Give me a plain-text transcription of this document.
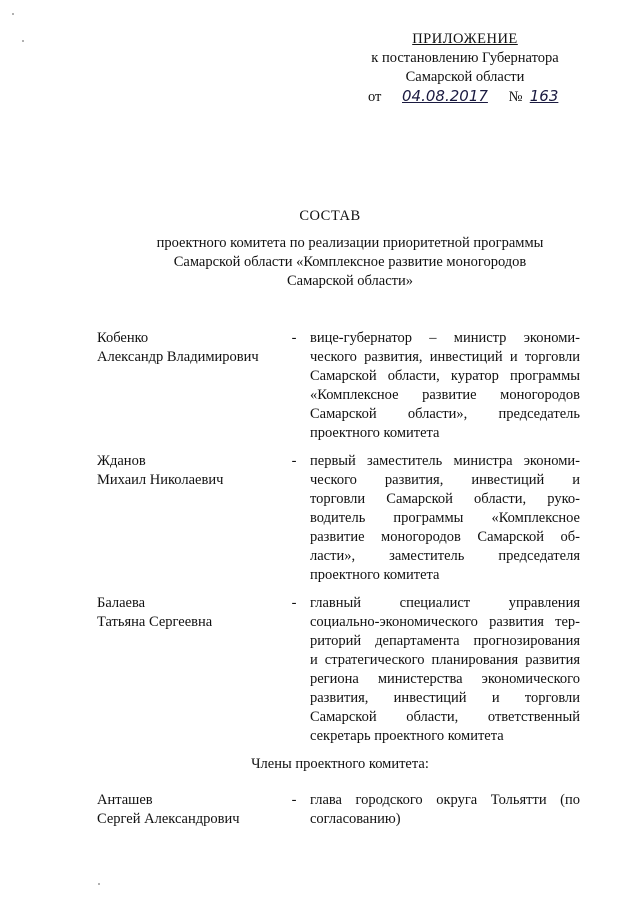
ПРИЛОЖЕНИЕ
к постановлению Губернатора
Самарской области
от 04.08.2017 № 163
СОСТАВ
проектного комитета по реализации приоритетной программы
Самарской области «Комплексное развитие моногородов
Самарской области»
Кобенко
Александр Владимирович
- вице-губернатор – министр экономи-
ческого развития, инвестиций и торговли
Самарской области, куратор программы
«Комплексное развитие моногородов
Самарской области», председатель
проектного комитета
Жданов
Михаил Николаевич
- первый заместитель министра экономи-
ческого развития, инвестиций и
торговли Самарской области, руко-
водитель программы «Комплексное
развитие моногородов Самарской об-
ласти», заместитель председателя
проектного комитета
Балаева
Татьяна Сергеевна
- главный специалист управления
социально-экономического развития тер-
риторий департамента прогнозирования
и стратегического планирования развития
региона министерства экономического
развития, инвестиций и торговли
Самарской области, ответственный
секретарь проектного комитета
Члены проектного комитета:
Анташев
Сергей Александрович
- глава городского округа Тольятти (по
согласованию)
